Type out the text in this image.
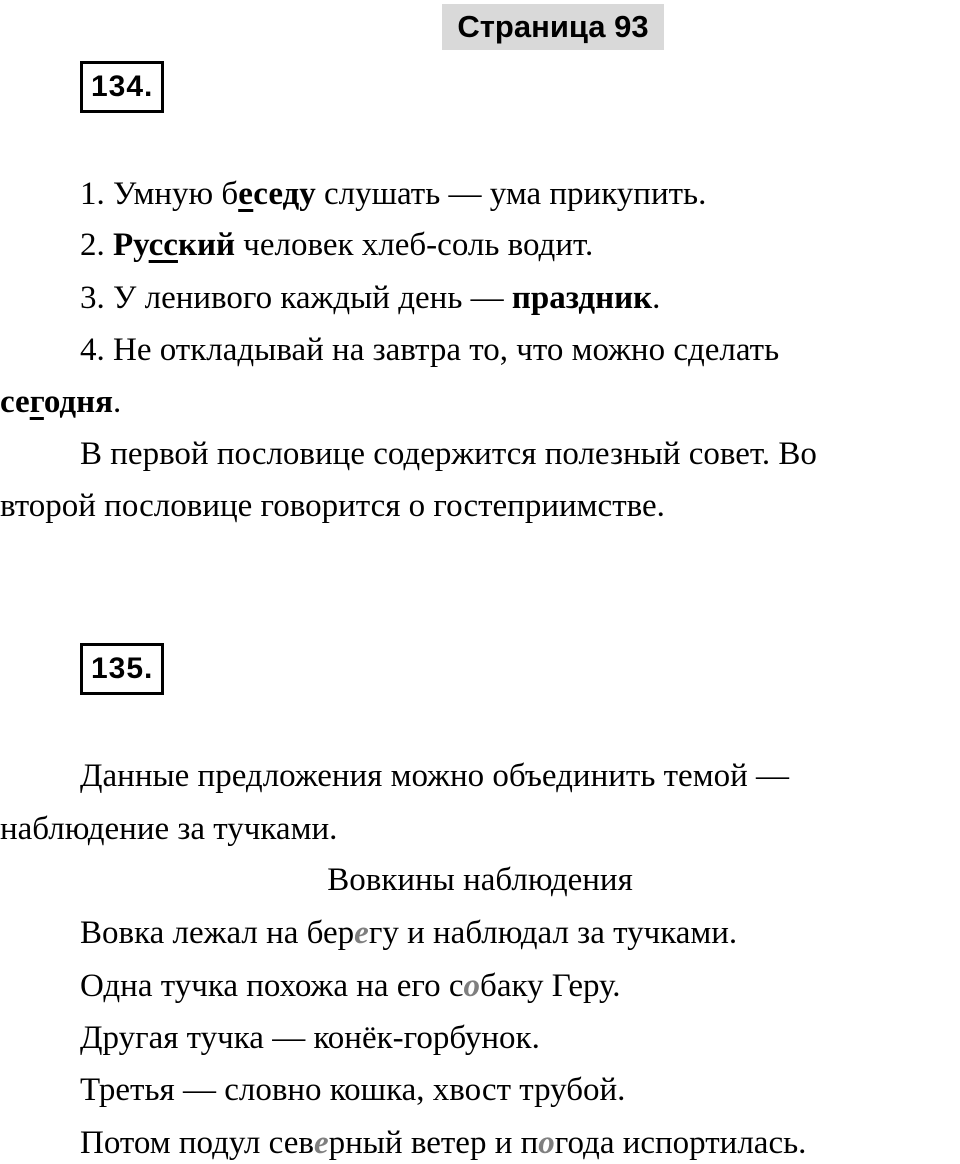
Страница 93
134.
1. Умную беседу слушать — ума прикупить.
2. Русский человек хлеб-соль водит.
3. У ленивого каждый день — праздник.
4. Не откладывай на завтра то, что можно сделать
сегодня.
В первой пословице содержится полезный совет. Во
второй пословице говорится о гостеприимстве.
135.
Данные предложения можно объединить темой —
наблюдение за тучками.
Вовкины наблюдения
Вовка лежал на берегу и наблюдал за тучками.
Одна тучка похожа на его собаку Геру.
Другая тучка — конёк-горбунок.
Третья — словно кошка, хвост трубой.
Потом подул северный ветер и погода испортилась.
